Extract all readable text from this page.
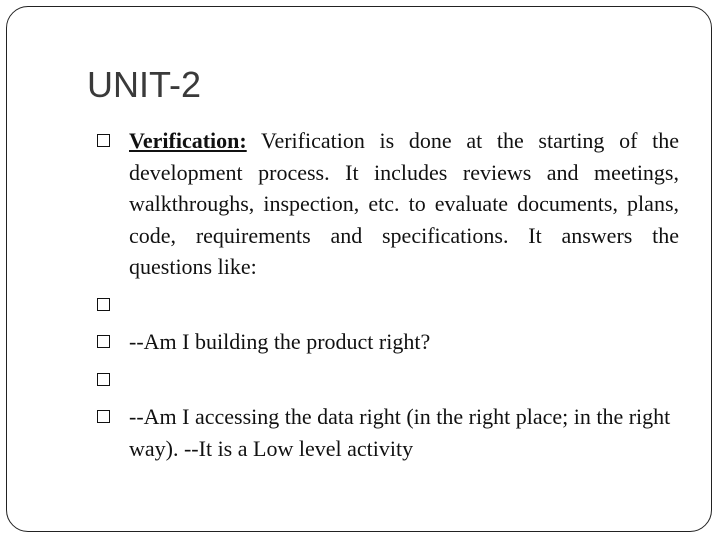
UNIT-2
Verification: Verification is done at the starting of the development process. It includes reviews and meetings, walkthroughs, inspection, etc. to evaluate documents, plans, code, requirements and specifications. It answers the questions like:
--Am I building the product right?
--Am I accessing the data right (in the right place; in the right way). --It is a Low level activity
